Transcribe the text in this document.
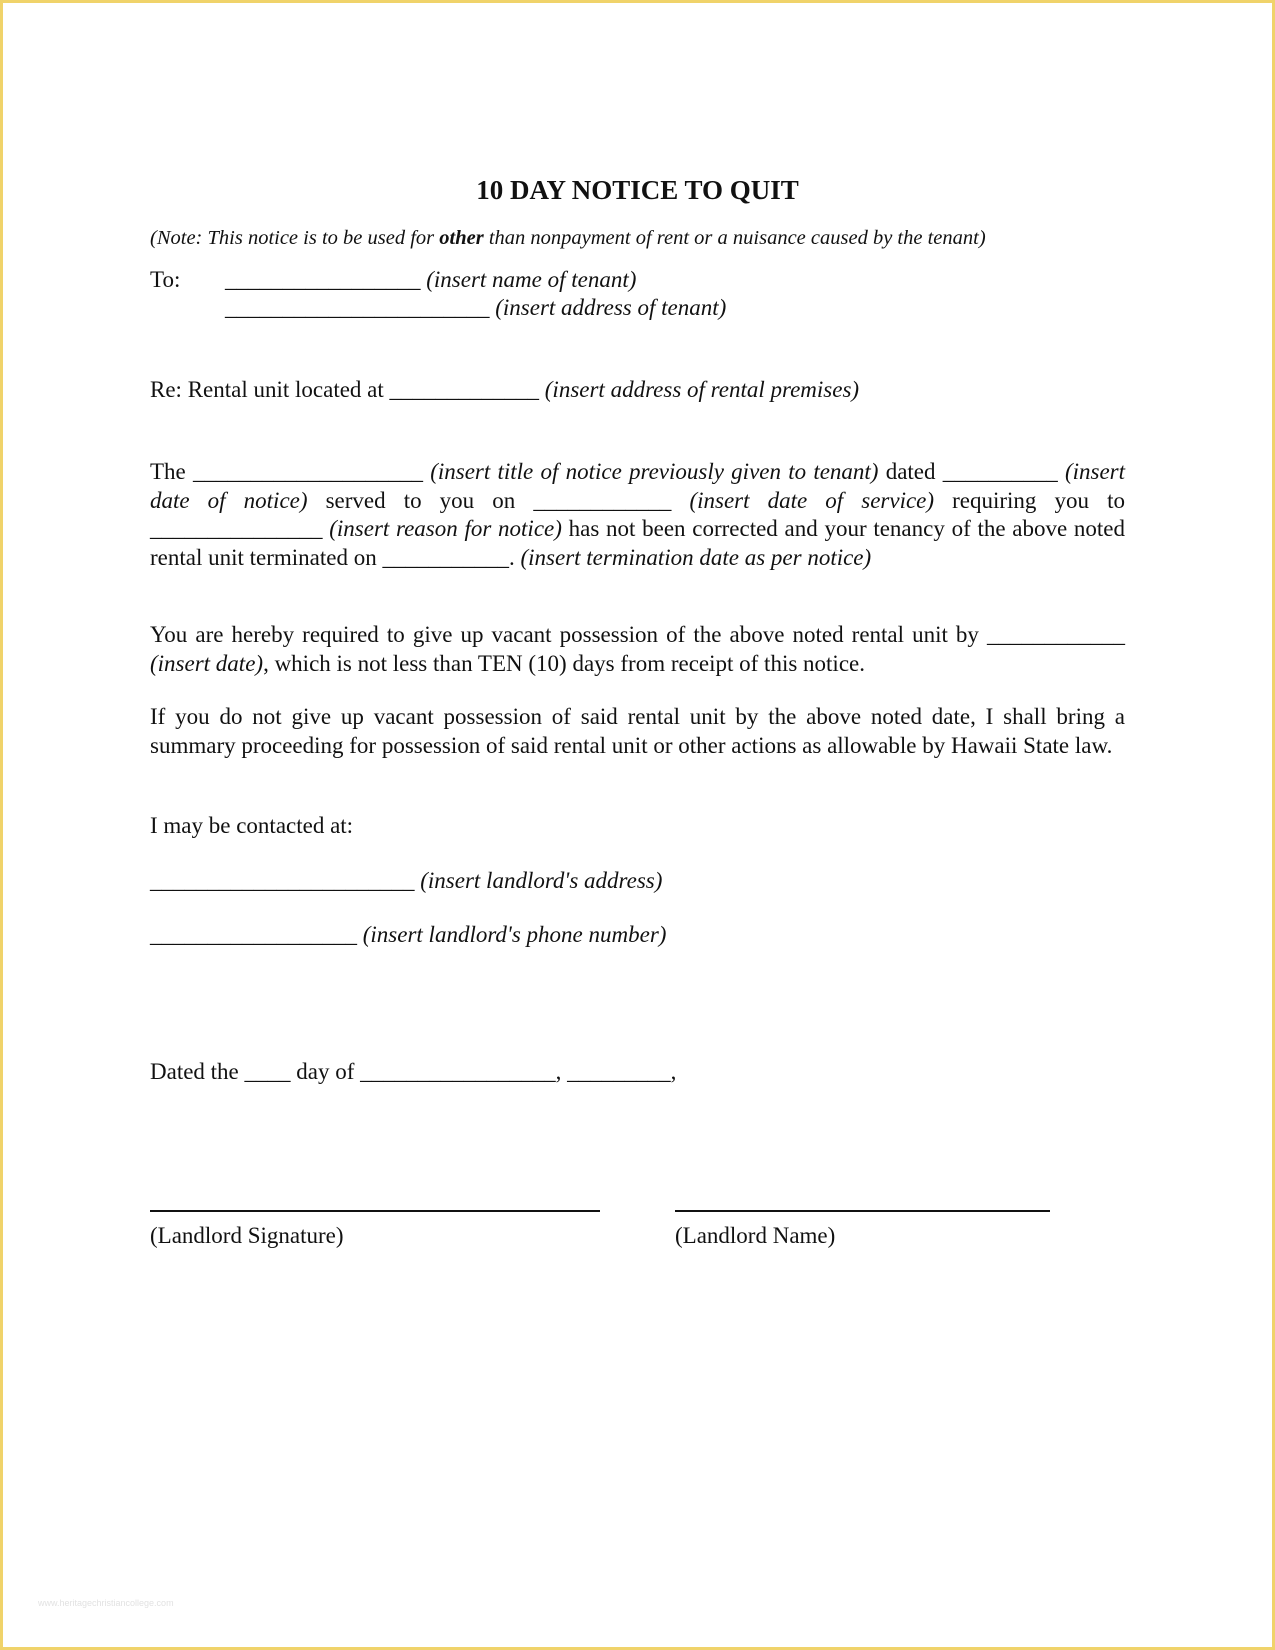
10 DAY NOTICE TO QUIT
(Note: This notice is to be used for other than nonpayment of rent or a nuisance caused by the tenant)
To: _________________ (insert name of tenant)
_______________________ (insert address of tenant)
Re: Rental unit located at _____________ (insert address of rental premises)
The ____________________ (insert title of notice previously given to tenant) dated __________ (insert date of notice) served to you on ____________ (insert date of service) requiring you to _______________ (insert reason for notice) has not been corrected and your tenancy of the above noted rental unit terminated on ___________. (insert termination date as per notice)
You are hereby required to give up vacant possession of the above noted rental unit by ____________ (insert date), which is not less than TEN (10) days from receipt of this notice.
If you do not give up vacant possession of said rental unit by the above noted date, I shall bring a summary proceeding for possession of said rental unit or other actions as allowable by Hawaii State law.
I may be contacted at:
_______________________ (insert landlord's address)
__________________ (insert landlord's phone number)
Dated the ____ day of _________________, _________,
(Landlord Signature)	(Landlord Name)
www.heritagechristiancollege.com
